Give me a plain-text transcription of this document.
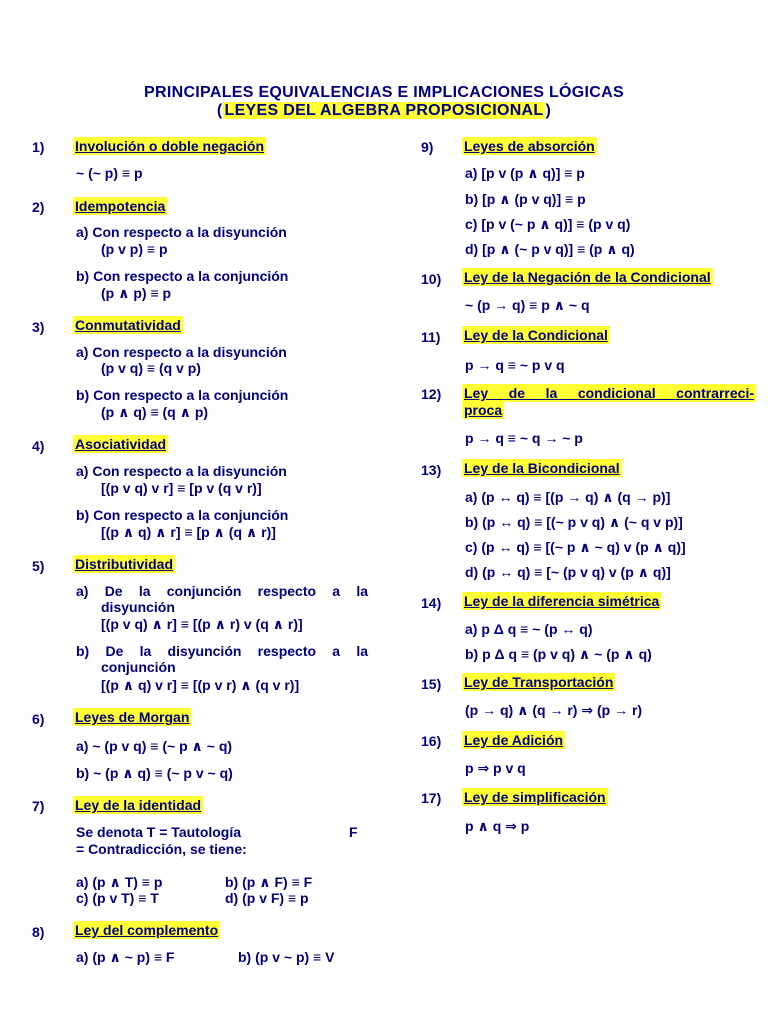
PRINCIPALES EQUIVALENCIAS E IMPLICACIONES LÓGICAS
( LEYES DEL ALGEBRA PROPOSICIONAL )
1) Involución o doble negación
~ (~ p) ≡ p
2) Idempotencia
a) Con respecto a la disyunción
(p v p) ≡ p
b) Con respecto a la conjunción
(p ∧ p) ≡ p
3) Conmutatividad
a) Con respecto a la disyunción
(p v q) ≡ (q v p)
b) Con respecto a la conjunción
(p ∧ q) ≡ (q ∧ p)
4) Asociatividad
a) Con respecto a la disyunción
[(p v q) v r] ≡ [p v (q v r)]
b) Con respecto a la conjunción
[(p ∧ q) ∧ r] ≡ [p ∧ (q ∧ r)]
5) Distributividad
a) De la conjunción respecto a la
disyunción
[(p v q) ∧ r] ≡ [(p ∧ r) v (q ∧ r)]
b) De la disyunción respecto a la
conjunción
[(p ∧ q) v r] ≡ [(p v r) ∧ (q v r)]
6) Leyes de Morgan
a) ~ (p v q) ≡ (~ p ∧ ~ q)
b) ~ (p ∧ q) ≡ (~ p v ~ q)
7) Ley de la identidad
Se denota T = Tautología	F
= Contradicción, se tiene:
a) (p ∧ T) ≡ p	b) (p ∧ F) ≡ F
c) (p v T) ≡ T	d) (p v F) ≡ p
8) Ley del complemento
a) (p ∧ ~ p) ≡ F	b) (p v ~ p) ≡ V
9) Leyes de absorción
a) [p v (p ∧ q)] ≡ p
b) [p ∧ (p v q)] ≡ p
c) [p v (~ p ∧ q)] ≡ (p v q)
d) [p ∧ (~ p v q)] ≡ (p ∧ q)
10) Ley de la Negación de la Condicional
~ (p → q) ≡ p ∧ ~ q
11) Ley de la Condicional
p → q ≡ ~ p v q
12) Ley de la condicional contrarreci-
proca
p → q ≡ ~ q → ~ p
13) Ley de la Bicondicional
a) (p ↔ q) ≡ [(p → q) ∧ (q → p)]
b) (p ↔ q) ≡ [(~ p v q) ∧ (~ q v p)]
c) (p ↔ q) ≡ [(~ p ∧ ~ q) v (p ∧ q)]
d) (p ↔ q) ≡ [~ (p v q) v (p ∧ q)]
14) Ley de la diferencia simétrica
a) p Δ q ≡ ~ (p ↔ q)
b) p Δ q ≡ (p v q) ∧ ~ (p ∧ q)
15) Ley de Transportación
(p → q) ∧ (q → r) ⇒ (p → r)
16) Ley de Adición
p ⇒ p v q
17) Ley de simplificación
p ∧ q ⇒ p
